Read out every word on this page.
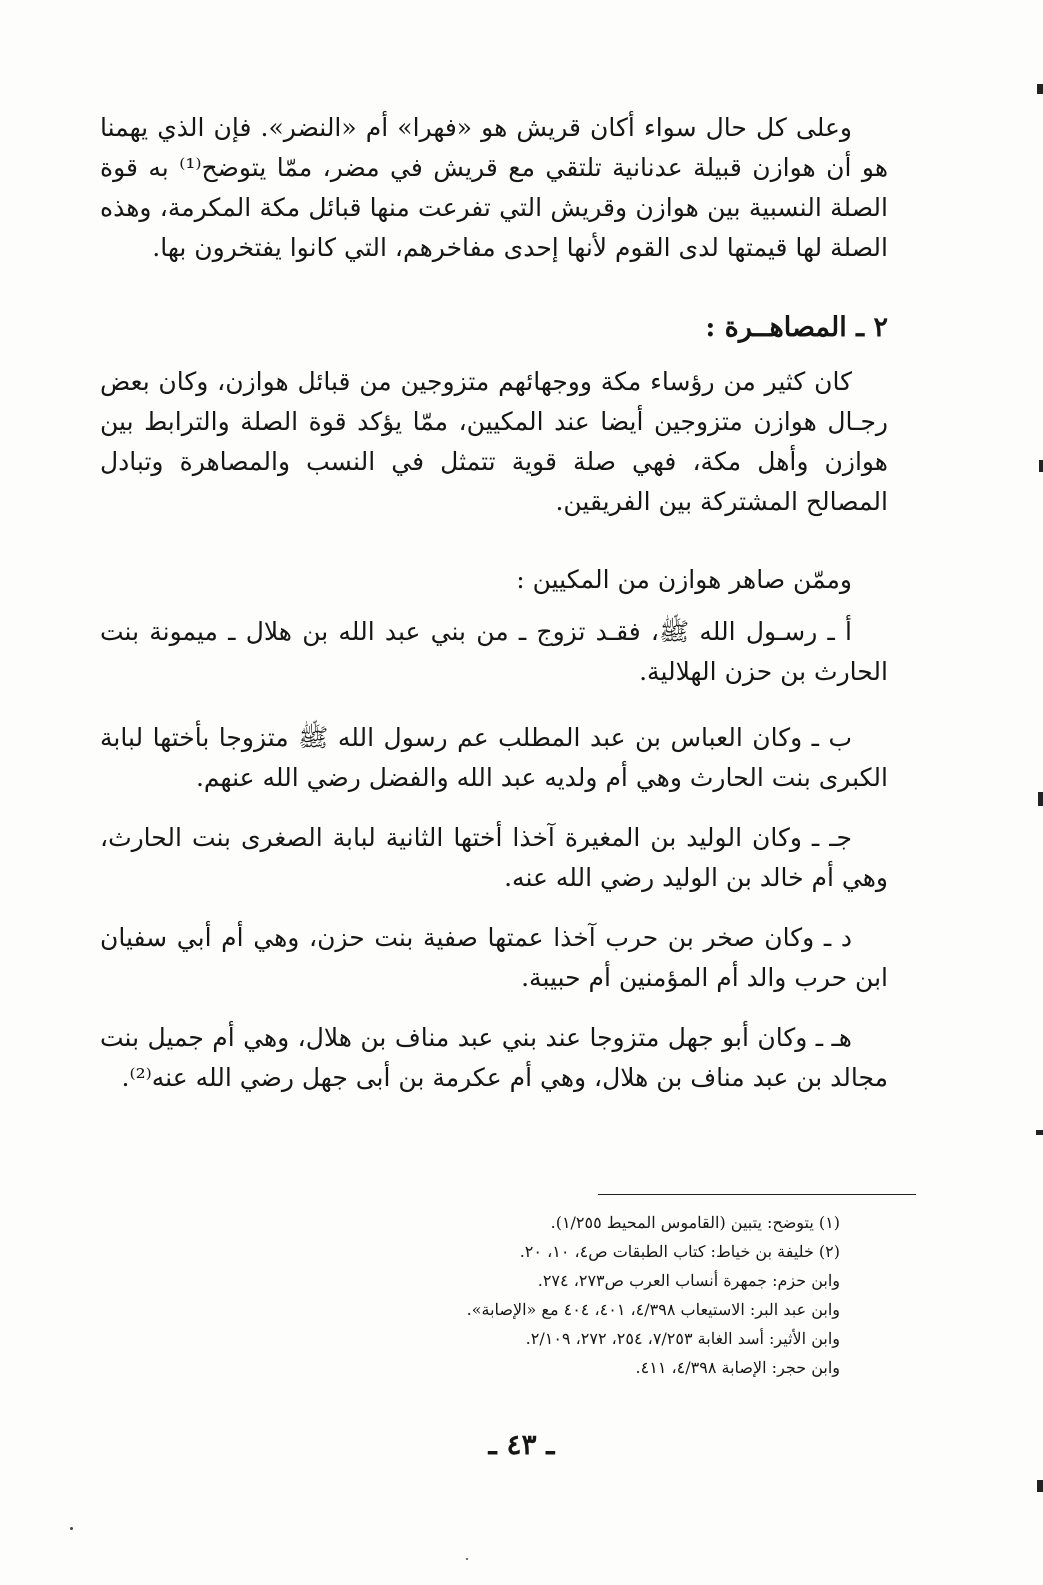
وعلى كل حال سواء أكان قريش هو «فهرا» أم «النضر». فإن الذي يهمنا هو أن هوازن قبيلة عدنانية تلتقي مع قريش في مضر، ممّا يتوضح⁽¹⁾ به قوة الصلة النسبية بين هوازن وقريش التي تفرعت منها قبائل مكة المكرمة، وهذه الصلة لها قيمتها لدى القوم لأنها إحدى مفاخرهم، التي كانوا يفتخرون بها.

٢ ـ المصاهــرة :

كان كثير من رؤساء مكة ووجهائهم متزوجين من قبائل هوازن، وكان بعض رجـال هوازن متزوجين أيضا عند المكيين، ممّا يؤكد قوة الصلة والترابط بين هوازن وأهل مكة، فهي صلة قوية تتمثل في النسب والمصاهرة وتبادل المصالح المشتركة بين الفريقين.

وممّن صاهر هوازن من المكيين :

أ ـ رسـول الله ﷺ، فقـد تزوج ـ من بني عبد الله بن هلال ـ ميمونة بنت الحارث بن حزن الهلالية.

ب ـ وكان العباس بن عبد المطلب عم رسول الله ﷺ متزوجا بأختها لبابة الكبرى بنت الحارث وهي أم ولديه عبد الله والفضل رضي الله عنهم.

جـ ـ وكان الوليد بن المغيرة آخذا أختها الثانية لبابة الصغرى بنت الحارث، وهي أم خالد بن الوليد رضي الله عنه.

د ـ وكان صخر بن حرب آخذا عمتها صفية بنت حزن، وهي أم أبي سفيان ابن حرب والد أم المؤمنين أم حبيبة.

هـ ـ وكان أبو جهل متزوجا عند بني عبد مناف بن هلال، وهي أم جميل بنت مجالد بن عبد مناف بن هلال، وهي أم عكرمة بن أبى جهل رضي الله عنه⁽²⁾.

(١) يتوضح: يتبين (القاموس المحيط ١/٢٥٥).
(٢) خليفة بن خياط: كتاب الطبقات ص٤، ١٠، ٢٠.
وابن حزم: جمهرة أنساب العرب ص٢٧٣، ٢٧٤.
وابن عبد البر: الاستيعاب ٤/٣٩٨، ٤٠١، ٤٠٤ مع «الإصابة».
وابن الأثير: أسد الغابة ٧/٢٥٣، ٢٥٤، ٢٧٢، ٢/١٠٩.
وابن حجر: الإصابة ٤/٣٩٨، ٤١١.
ـ ٤٣ ـ
